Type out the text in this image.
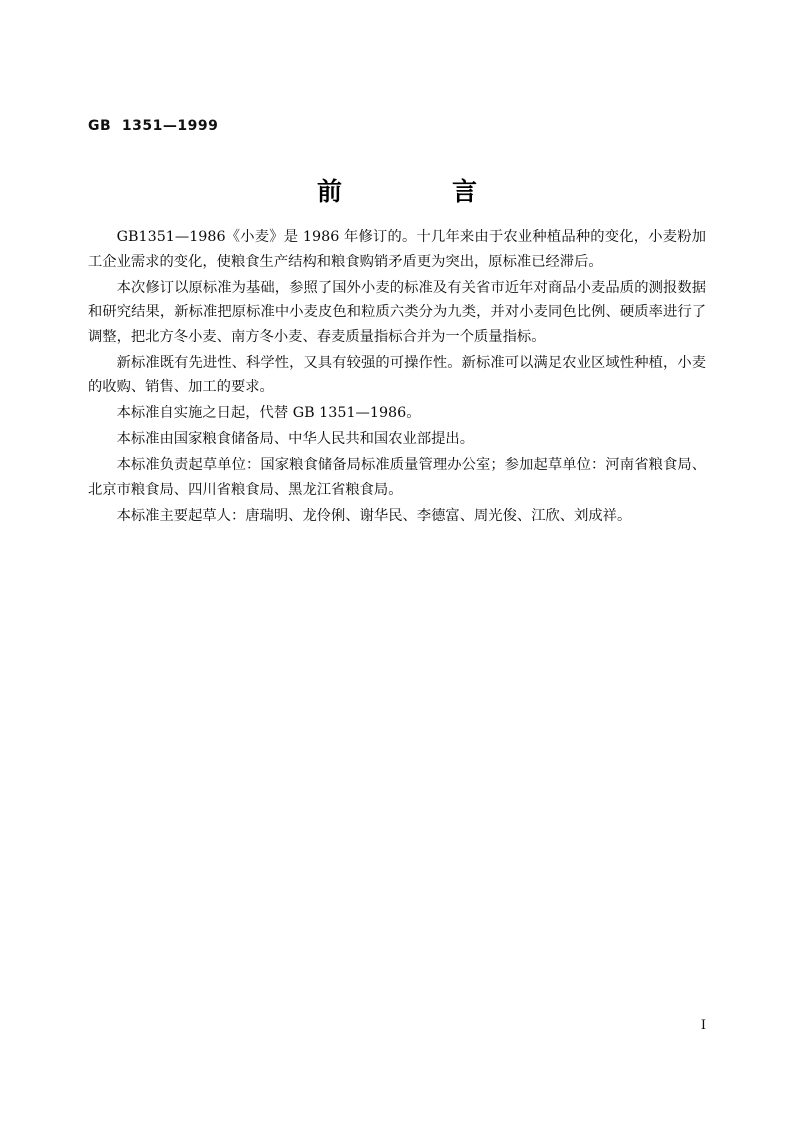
GB  1351—1999
前　　言

GB1351—1986《小麦》是 1986 年修订的。十几年来由于农业种植品种的变化，小麦粉加工企业需求的变化，使粮食生产结构和粮食购销矛盾更为突出，原标准已经滞后。

本次修订以原标准为基础，参照了国外小麦的标准及有关省市近年对商品小麦品质的测报数据和研究结果，新标准把原标准中小麦皮色和粒质六类分为九类，并对小麦同色比例、硬质率进行了调整，把北方冬小麦、南方冬小麦、春麦质量指标合并为一个质量指标。

新标准既有先进性、科学性，又具有较强的可操作性。新标准可以满足农业区域性种植，小麦的收购、销售、加工的要求。

本标准自实施之日起，代替 GB 1351—1986。

本标准由国家粮食储备局、中华人民共和国农业部提出。

本标准负责起草单位：国家粮食储备局标准质量管理办公室；参加起草单位：河南省粮食局、北京市粮食局、四川省粮食局、黑龙江省粮食局。

本标准主要起草人：唐瑞明、龙伶俐、谢华民、李德富、周光俊、江欣、刘成祥。

Ⅰ
